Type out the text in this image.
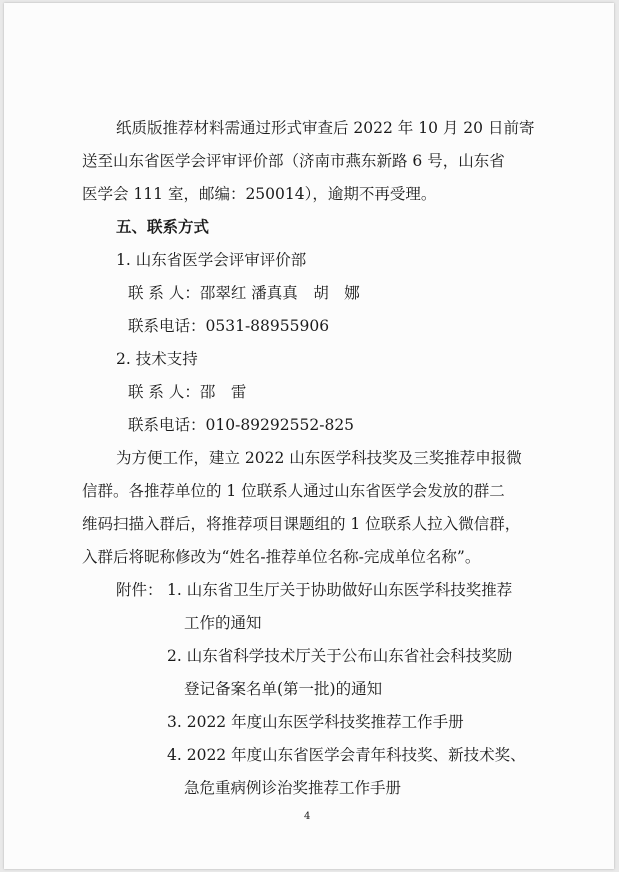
纸质版推荐材料需通过形式审查后 2022 年 10 月 20 日前寄
送至山东省医学会评审评价部（济南市燕东新路 6 号，山东省
医学会 111 室，邮编：250014），逾期不再受理。
五、联系方式
1. 山东省医学会评审评价部
联 系 人：邵翠红 潘真真　胡　娜
联系电话：0531-88955906
2. 技术支持
联 系 人：邵　雷
联系电话：010-89292552-825
为方便工作，建立 2022 山东医学科技奖及三奖推荐申报微
信群。各推荐单位的 1 位联系人通过山东省医学会发放的群二
维码扫描入群后，将推荐项目课题组的 1 位联系人拉入微信群，
入群后将昵称修改为“姓名-推荐单位名称-完成单位名称”。
附件： 1. 山东省卫生厅关于协助做好山东医学科技奖推荐
工作的通知
2. 山东省科学技术厅关于公布山东省社会科技奖励
登记备案名单(第一批)的通知
3. 2022 年度山东医学科技奖推荐工作手册
4. 2022 年度山东省医学会青年科技奖、新技术奖、
急危重病例诊治奖推荐工作手册
4
